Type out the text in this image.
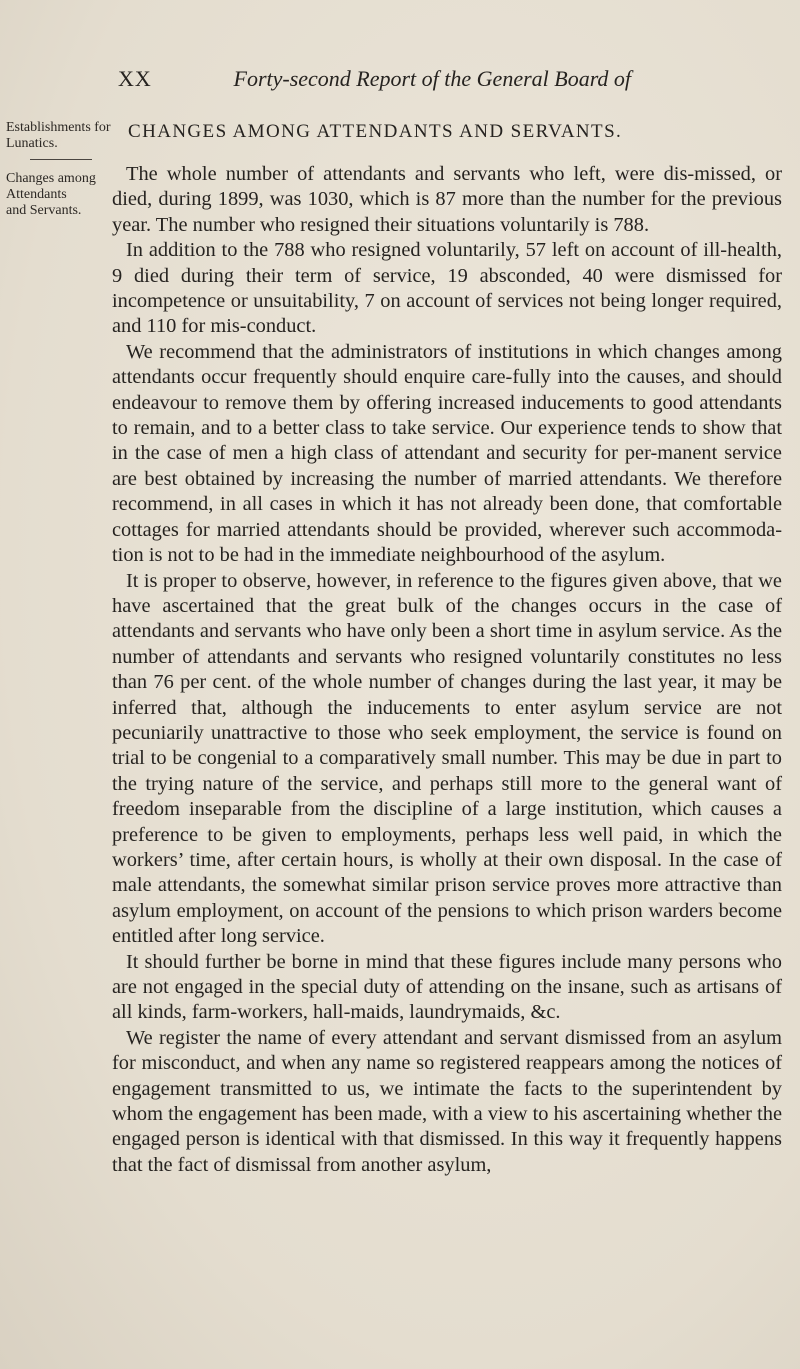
XX	Forty-second Report of the General Board of
Establishments for Lunatics.
Changes among
Attendants
and Servants.
CHANGES AMONG ATTENDANTS AND SERVANTS.

The whole number of attendants and servants who left, were dis-missed, or died, during 1899, was 1030, which is 87 more than the number for the previous year. The number who resigned their situations voluntarily is 788.

In addition to the 788 who resigned voluntarily, 57 left on account of ill-health, 9 died during their term of service, 19 absconded, 40 were dismissed for incompetence or unsuitability, 7 on account of services not being longer required, and 110 for mis-conduct.

We recommend that the administrators of institutions in which changes among attendants occur frequently should enquire care-fully into the causes, and should endeavour to remove them by offering increased inducements to good attendants to remain, and to a better class to take service. Our experience tends to show that in the case of men a high class of attendant and security for per-manent service are best obtained by increasing the number of married attendants. We therefore recommend, in all cases in which it has not already been done, that comfortable cottages for married attendants should be provided, wherever such accommoda-tion is not to be had in the immediate neighbourhood of the asylum.

It is proper to observe, however, in reference to the figures given above, that we have ascertained that the great bulk of the changes occurs in the case of attendants and servants who have only been a short time in asylum service. As the number of attendants and servants who resigned voluntarily constitutes no less than 76 per cent. of the whole number of changes during the last year, it may be inferred that, although the inducements to enter asylum service are not pecuniarily unattractive to those who seek employment, the service is found on trial to be congenial to a comparatively small number. This may be due in part to the trying nature of the service, and perhaps still more to the general want of freedom inseparable from the discipline of a large institution, which causes a preference to be given to employments, perhaps less well paid, in which the workers’ time, after certain hours, is wholly at their own disposal. In the case of male attendants, the somewhat similar prison service proves more attractive than asylum employment, on account of the pensions to which prison warders become entitled after long service.

It should further be borne in mind that these figures include many persons who are not engaged in the special duty of attending on the insane, such as artisans of all kinds, farm-workers, hall-maids, laundrymaids, &c.

We register the name of every attendant and servant dismissed from an asylum for misconduct, and when any name so registered reappears among the notices of engagement transmitted to us, we intimate the facts to the superintendent by whom the engagement has been made, with a view to his ascertaining whether the engaged person is identical with that dismissed. In this way it frequently happens that the fact of dismissal from another asylum,
